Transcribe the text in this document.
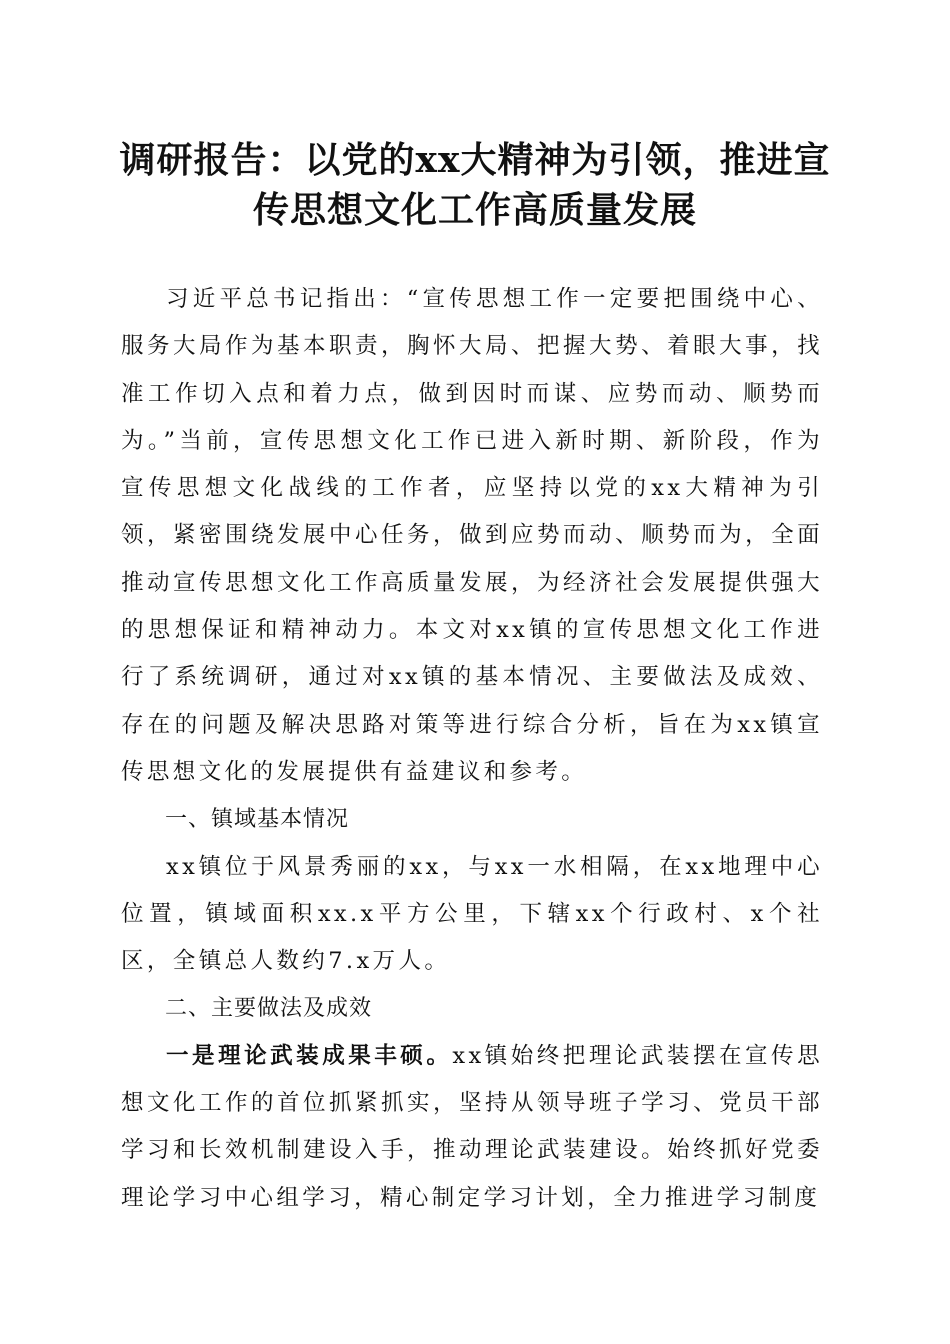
调研报告：以党的xx大精神为引领，推进宣
传思想文化工作高质量发展

习近平总书记指出：“宣传思想工作一定要把围绕中心、服务大局作为基本职责，胸怀大局、把握大势、着眼大事，找准工作切入点和着力点，做到因时而谋、应势而动、顺势而为。”当前，宣传思想文化工作已进入新时期、新阶段，作为宣传思想文化战线的工作者，应坚持以党的xx大精神为引领，紧密围绕发展中心任务，做到应势而动、顺势而为，全面推动宣传思想文化工作高质量发展，为经济社会发展提供强大的思想保证和精神动力。本文对xx镇的宣传思想文化工作进行了系统调研，通过对xx镇的基本情况、主要做法及成效、存在的问题及解决思路对策等进行综合分析，旨在为xx镇宣传思想文化的发展提供有益建议和参考。

一、镇域基本情况

xx镇位于风景秀丽的xx，与xx一水相隔，在xx地理中心位置，镇域面积xx.x平方公里，下辖xx个行政村、x个社区，全镇总人数约7.x万人。

二、主要做法及成效

一是理论武装成果丰硕。xx镇始终把理论武装摆在宣传思想文化工作的首位抓紧抓实，坚持从领导班子学习、党员干部学习和长效机制建设入手，推动理论武装建设。始终抓好党委理论学习中心组学习，精心制定学习计划，全力推进学习制度
